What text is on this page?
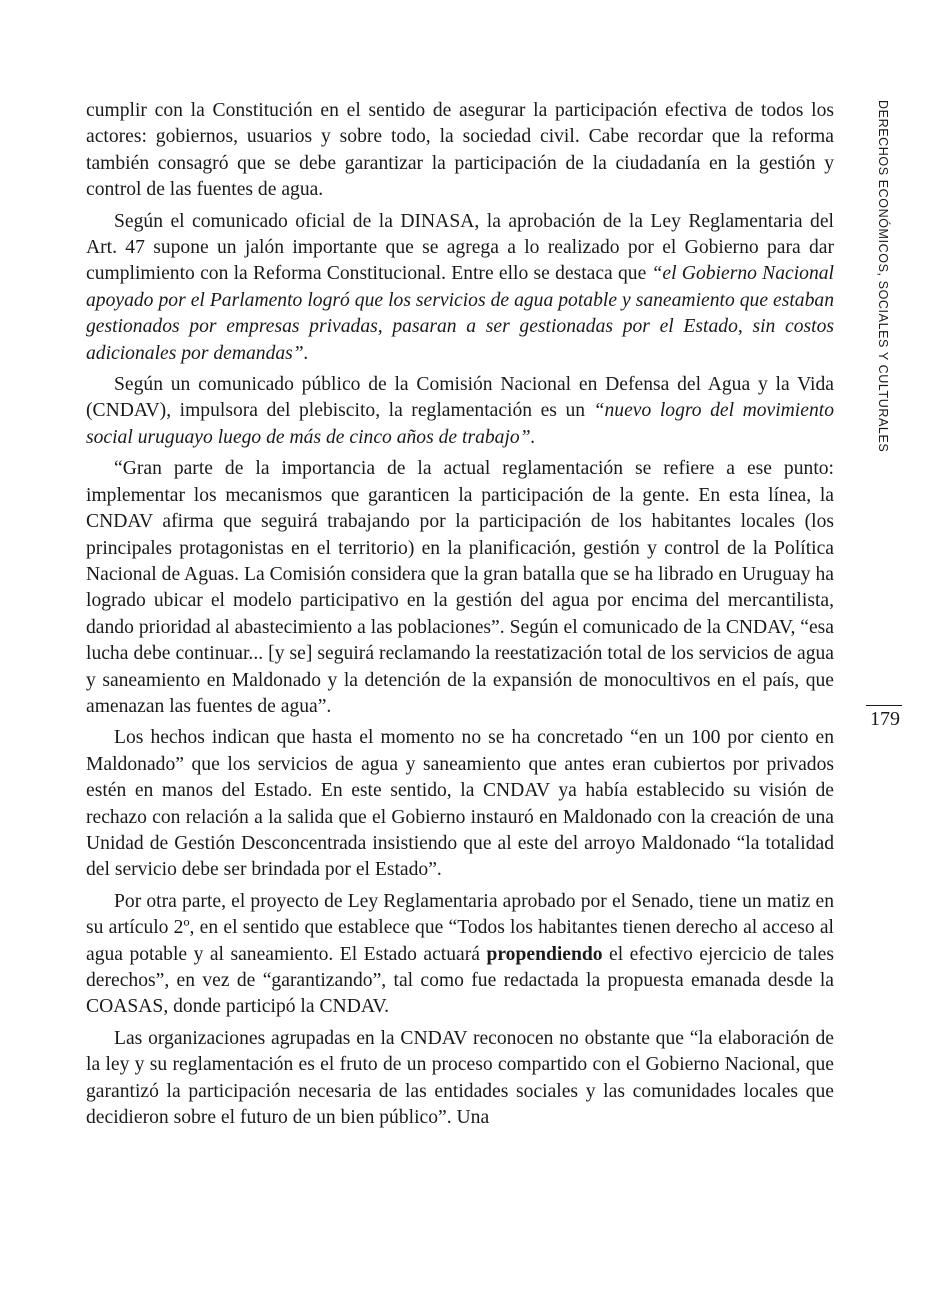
cumplir con la Constitución en el sentido de asegurar la participación efectiva de todos los actores: gobiernos, usuarios y sobre todo, la sociedad civil. Cabe recordar que la reforma también consagró que se debe garantizar la participación de la ciudadanía en la gestión y control de las fuentes de agua.

Según el comunicado oficial de la DINASA, la aprobación de la Ley Reglamentaria del Art. 47 supone un jalón importante que se agrega a lo realizado por el Gobierno para dar cumplimiento con la Reforma Constitucional. Entre ello se destaca que “el Gobierno Nacional apoyado por el Parlamento logró que los servicios de agua potable y saneamiento que estaban gestionados por empresas privadas, pasaran a ser gestionadas por el Estado, sin costos adicionales por demandas”.

Según un comunicado público de la Comisión Nacional en Defensa del Agua y la Vida (CNDAV), impulsora del plebiscito, la reglamentación es un “nuevo logro del movimiento social uruguayo luego de más de cinco años de trabajo”.

“Gran parte de la importancia de la actual reglamentación se refiere a ese punto: implementar los mecanismos que garanticen la participación de la gente. En esta línea, la CNDAV afirma que seguirá trabajando por la participación de los habitantes locales (los principales protagonistas en el territorio) en la planificación, gestión y control de la Política Nacional de Aguas. La Comisión considera que la gran batalla que se ha librado en Uruguay ha logrado ubicar el modelo participativo en la gestión del agua por encima del mercantilista, dando prioridad al abastecimiento a las poblaciones”. Según el comunicado de la CNDAV, “esa lucha debe continuar... [y se] seguirá reclamando la reestatización total de los servicios de agua y saneamiento en Maldonado y la detención de la expansión de monocultivos en el país, que amenazan las fuentes de agua”.

Los hechos indican que hasta el momento no se ha concretado “en un 100 por ciento en Maldonado” que los servicios de agua y saneamiento que antes eran cubiertos por privados estén en manos del Estado. En este sentido, la CNDAV ya había establecido su visión de rechazo con relación a la salida que el Gobierno instauró en Maldonado con la creación de una Unidad de Gestión Desconcentrada insistiendo que al este del arroyo Maldonado “la totalidad del servicio debe ser brindada por el Estado”.

Por otra parte, el proyecto de Ley Reglamentaria aprobado por el Senado, tiene un matiz en su artículo 2º, en el sentido que establece que “Todos los habitantes tienen derecho al acceso al agua potable y al saneamiento. El Estado actuará propendiendo el efectivo ejercicio de tales derechos”, en vez de “garantizando”, tal como fue redactada la propuesta emanada desde la COASAS, donde participó la CNDAV.

Las organizaciones agrupadas en la CNDAV reconocen no obstante que “la elaboración de la ley y su reglamentación es el fruto de un proceso compartido con el Gobierno Nacional, que garantizó la participación necesaria de las entidades sociales y las comunidades locales que decidieron sobre el futuro de un bien público”. Una

DERECHOS ECONÓMICOS, SOCIALES Y CULTURALES
179
